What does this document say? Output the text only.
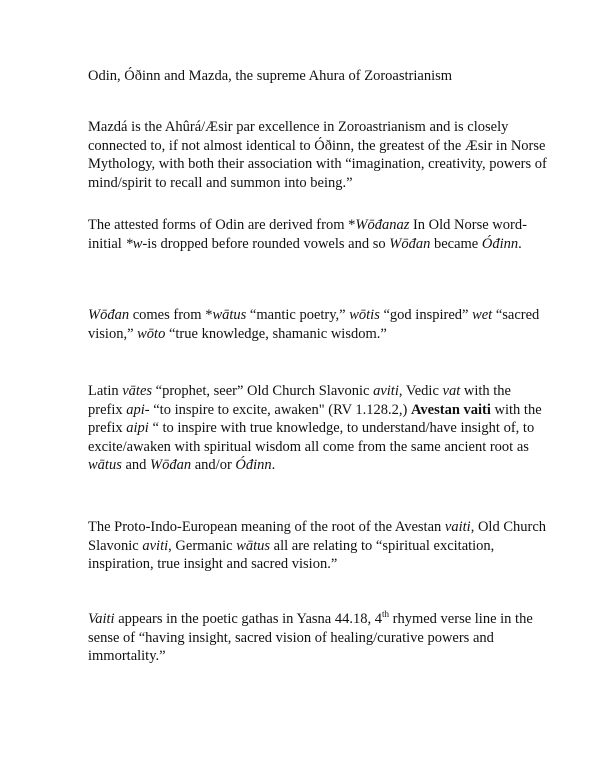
Odin, Óðinn and Mazda, the supreme Ahura of Zoroastrianism
Mazdá is the Ahûrá/Æsir par excellence in Zoroastrianism and is closely connected to, if not almost identical to Óðinn, the greatest of the Æsir in Norse Mythology, with both their association with “imagination, creativity, powers of mind/spirit to recall and summon into being.”
The attested forms of Odin are derived from *Wōđanaz In Old Norse word-initial *w-is dropped before rounded vowels and so Wōđan became Óđinn.
Wōđan comes from *wātus “mantic poetry,” wōtis “god inspired” wet “sacred vision,” wōto “true knowledge, shamanic wisdom.”
Latin vātes “prophet, seer” Old Church Slavonic aviti, Vedic vat with the prefix api- “to inspire to excite, awaken" (RV 1.128.2,) Avestan vaiti with the prefix aipi “ to inspire with true knowledge, to understand/have insight of, to excite/awaken with spiritual wisdom all come from the same ancient root as wātus and Wōđan and/or Óđinn.
The Proto-Indo-European meaning of the root of the Avestan vaiti, Old Church Slavonic aviti, Germanic wātus all are relating to “spiritual excitation, inspiration, true insight and sacred vision.”
Vaiti appears in the poetic gathas in Yasna 44.18, 4th rhymed verse line in the sense of “having insight, sacred vision of healing/curative powers and immortality.”
